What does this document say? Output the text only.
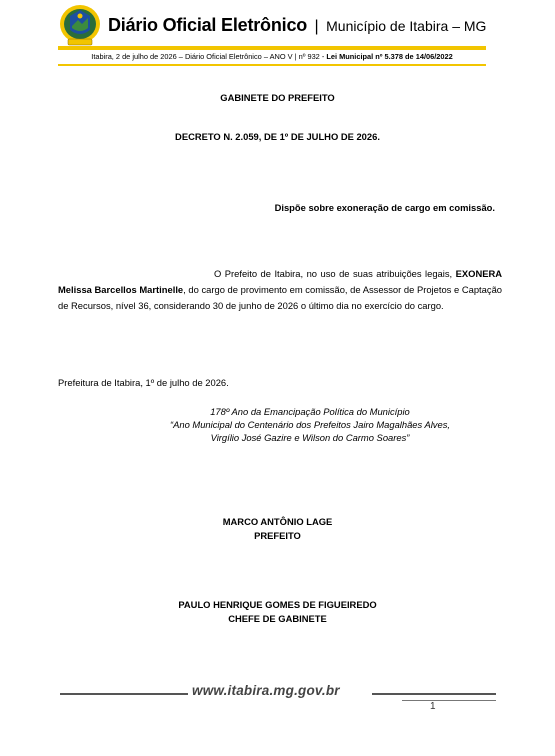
Diário Oficial Eletrônico | Município de Itabira – MG
Itabira, 2 de julho de 2026 – Diário Oficial Eletrônico – ANO V | nº 932 - Lei Municipal nº 5.378 de 14/06/2022
GABINETE DO PREFEITO
DECRETO N. 2.059, DE 1º DE JULHO DE 2026.
Dispõe sobre exoneração de cargo em comissão.
O Prefeito de Itabira, no uso de suas atribuições legais, EXONERA Melissa Barcellos Martinelle, do cargo de provimento em comissão, de Assessor de Projetos e Captação de Recursos, nível 36, considerando 30 de junho de 2026 o último dia no exercício do cargo.
Prefeitura de Itabira, 1º de julho de 2026.
178º Ano da Emancipação Política do Município
“Ano Municipal do Centenário dos Prefeitos Jairo Magalhães Alves,
Virgílio José Gazire e Wilson do Carmo Soares”
MARCO ANTÔNIO LAGE
PREFEITO
PAULO HENRIQUE GOMES DE FIGUEIREDO
CHEFE DE GABINETE
www.itabira.mg.gov.br
1
